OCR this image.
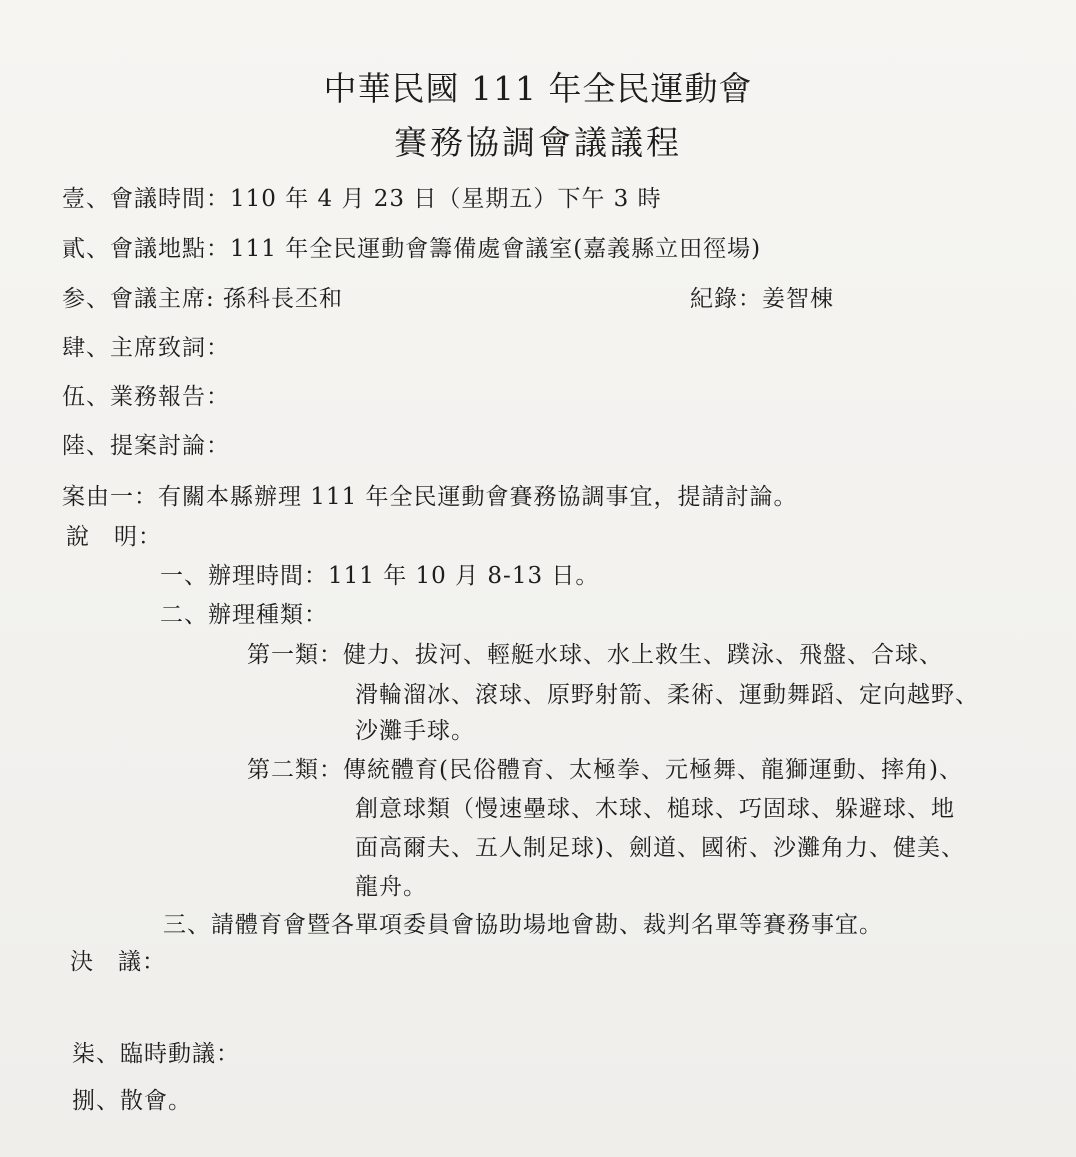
中華民國 111 年全民運動會
賽務協調會議議程
壹、會議時間：110 年 4 月 23 日（星期五）下午 3 時
貳、會議地點：111 年全民運動會籌備處會議室(嘉義縣立田徑場)
参、會議主席: 孫科長丕和	紀錄：姜智棟
肆、主席致詞：
伍、業務報告：
陸、提案討論：
案由一：有關本縣辦理 111 年全民運動會賽務協調事宜，提請討論。
說　明：
一、辦理時間：111 年 10 月 8-13 日。
二、辦理種類：
第一類：健力、拔河、輕艇水球、水上救生、蹼泳、飛盤、合球、
滑輪溜冰、滾球、原野射箭、柔術、運動舞蹈、定向越野、
沙灘手球。
第二類：傳統體育(民俗體育、太極拳、元極舞、龍獅運動、摔角)、
創意球類（慢速壘球、木球、槌球、巧固球、躲避球、地
面高爾夫、五人制足球)、劍道、國術、沙灘角力、健美、
龍舟。
三、請體育會暨各單項委員會協助場地會勘、裁判名單等賽務事宜。
決　議：
柒、臨時動議：
捌、散會。
